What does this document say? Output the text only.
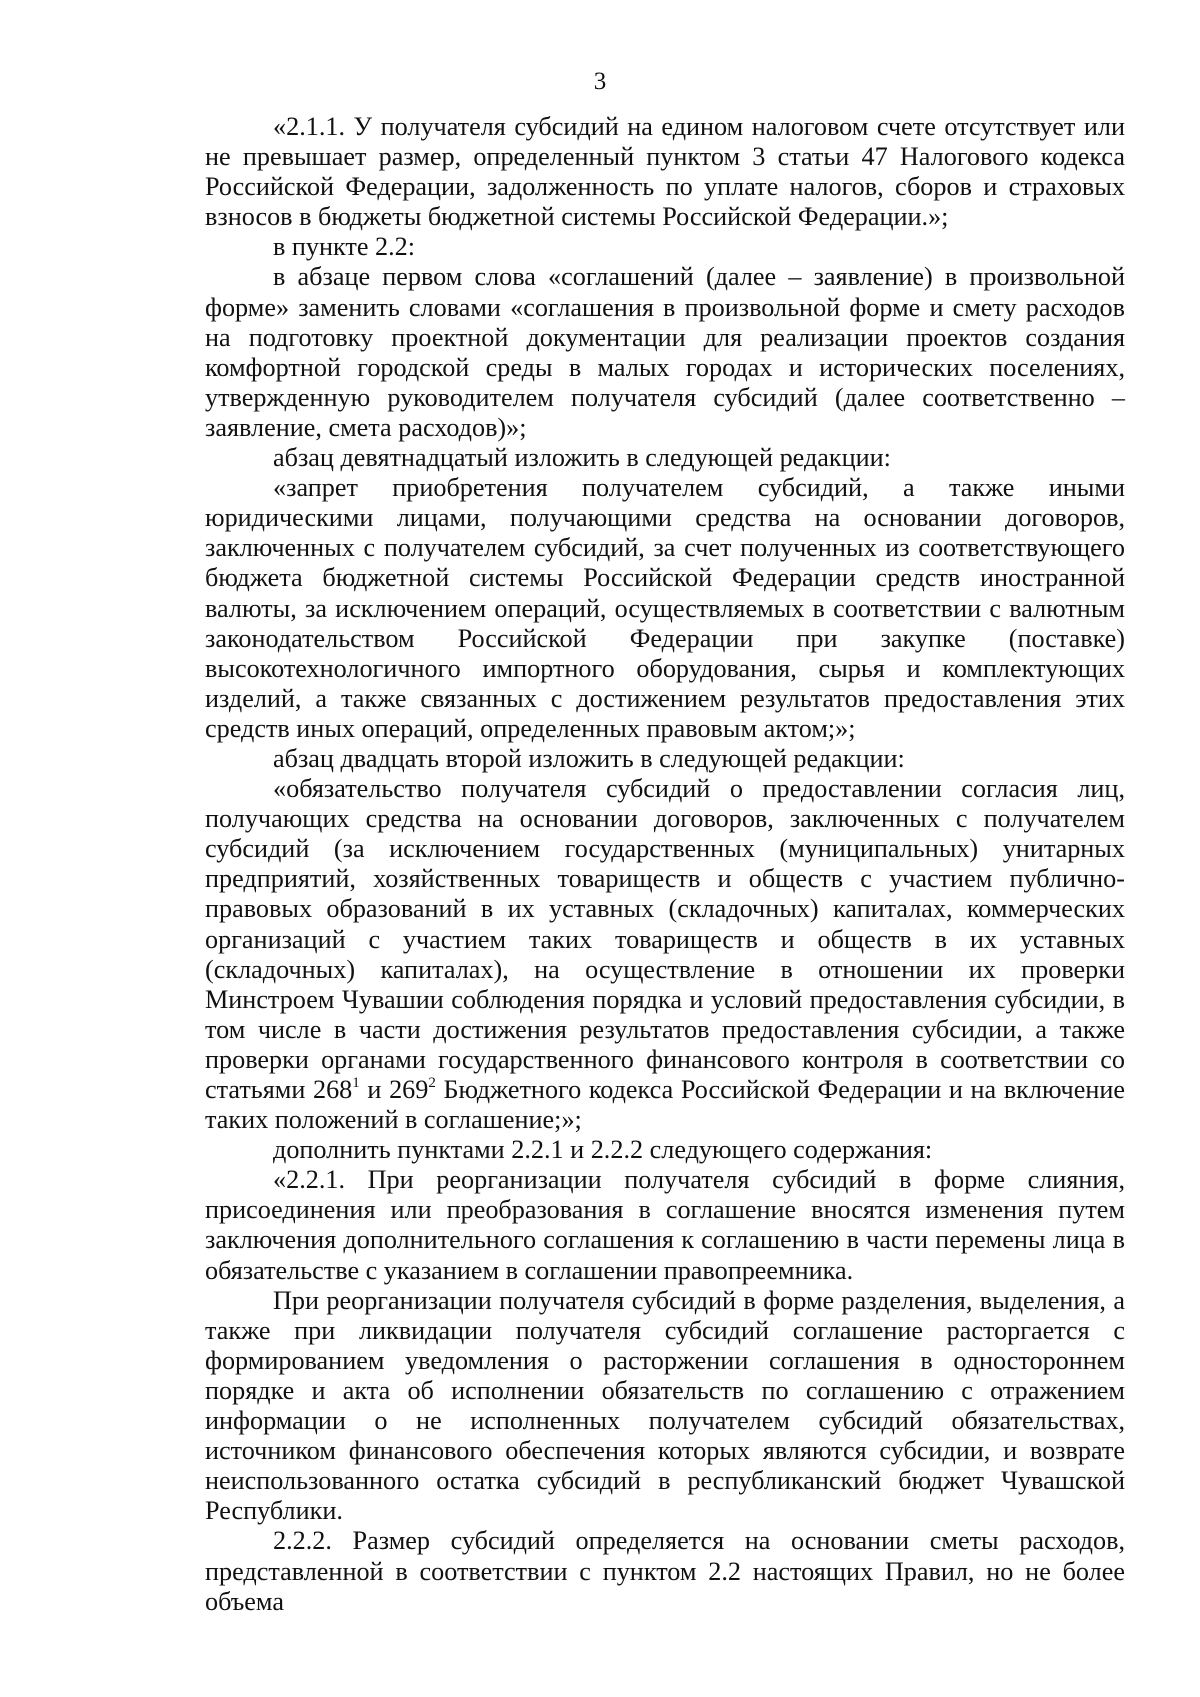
3

«2.1.1. У получателя субсидий на едином налоговом счете отсутствует или не превышает размер, определенный пунктом 3 статьи 47 Налогового кодекса Российской Федерации, задолженность по уплате налогов, сборов и страховых взносов в бюджеты бюджетной системы Российской Федерации.»;

в пункте 2.2:

в абзаце первом слова «соглашений (далее – заявление) в произвольной форме» заменить словами «соглашения в произвольной форме и смету расходов на подготовку проектной документации для реализации проектов создания комфортной городской среды в малых городах и исторических поселениях, утвержденную руководителем получателя субсидий (далее соответственно – заявление, смета расходов)»;

абзац девятнадцатый изложить в следующей редакции:

«запрет приобретения получателем субсидий, а также иными юридическими лицами, получающими средства на основании договоров, заключенных с получателем субсидий, за счет полученных из соответствующего бюджета бюджетной системы Российской Федерации средств иностранной валюты, за исключением операций, осуществляемых в соответствии с валютным законодательством Российской Федерации при закупке (поставке) высокотехнологичного импортного оборудования, сырья и комплектующих изделий, а также связанных с достижением результатов предоставления этих средств иных операций, определенных правовым актом;»;

абзац двадцать второй изложить в следующей редакции:

«обязательство получателя субсидий о предоставлении согласия лиц, получающих средства на основании договоров, заключенных с получателем субсидий (за исключением государственных (муниципальных) унитарных предприятий, хозяйственных товариществ и обществ с участием публично-правовых образований в их уставных (складочных) капиталах, коммерческих организаций с участием таких товариществ и обществ в их уставных (складочных) капиталах), на осуществление в отношении их проверки Минстроем Чувашии соблюдения порядка и условий предоставления субсидии, в том числе в части достижения результатов предоставления субсидии, а также проверки органами государственного финансового контроля в соответствии со статьями $268^1$ и $269^2$ Бюджетного кодекса Российской Федерации и на включение таких положений в соглашение;»;

дополнить пунктами 2.2.1 и 2.2.2 следующего содержания:

«2.2.1. При реорганизации получателя субсидий в форме слияния, присоединения или преобразования в соглашение вносятся изменения путем заключения дополнительного соглашения к соглашению в части перемены лица в обязательстве с указанием в соглашении правопреемника.

При реорганизации получателя субсидий в форме разделения, выделения, а также при ликвидации получателя субсидий соглашение расторгается с формированием уведомления о расторжении соглашения в одностороннем порядке и акта об исполнении обязательств по соглашению с отражением информации о не исполненных получателем субсидий обязательствах, источником финансового обеспечения которых являются субсидии, и возврате неиспользованного остатка субсидий в республиканский бюджет Чувашской Республики.

2.2.2. Размер субсидий определяется на основании сметы расходов, представленной в соответствии с пунктом 2.2 настоящих Правил, но не более объема
